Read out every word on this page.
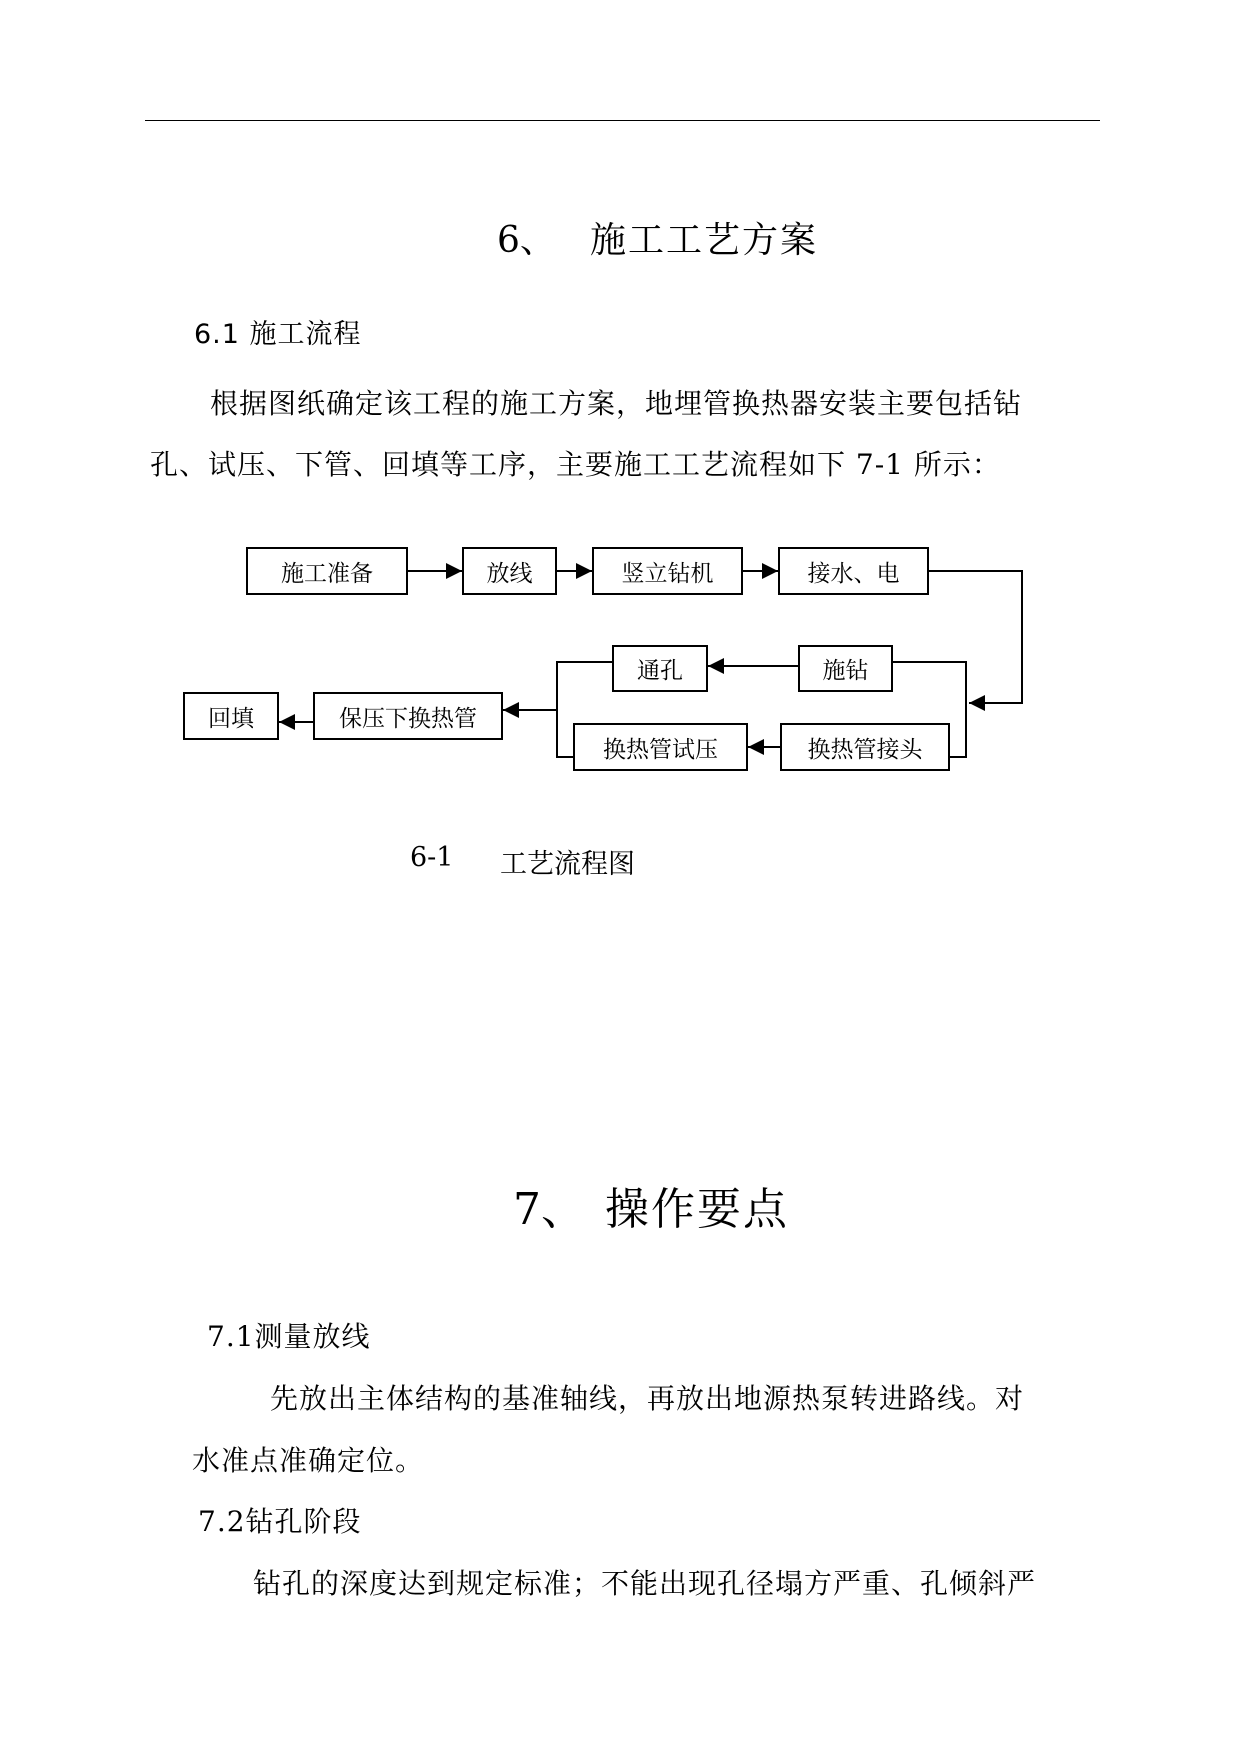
6、 施工工艺方案
6.1 施工流程
根据图纸确定该工程的施工方案，地埋管换热器安装主要包括钻
孔、试压、下管、回填等工序，主要施工工艺流程如下 7-1 所示：
施工准备	放线	竖立钻机	接水、电
施钻
通孔
换热管接头
换热管试压
保压下换热管
回填
6-1 工艺流程图
7、 操作要点
7.1测量放线
先放出主体结构的基准轴线，再放出地源热泵转进路线。对
水准点准确定位。
7.2钻孔阶段
钻孔的深度达到规定标准；不能出现孔径塌方严重、孔倾斜严
